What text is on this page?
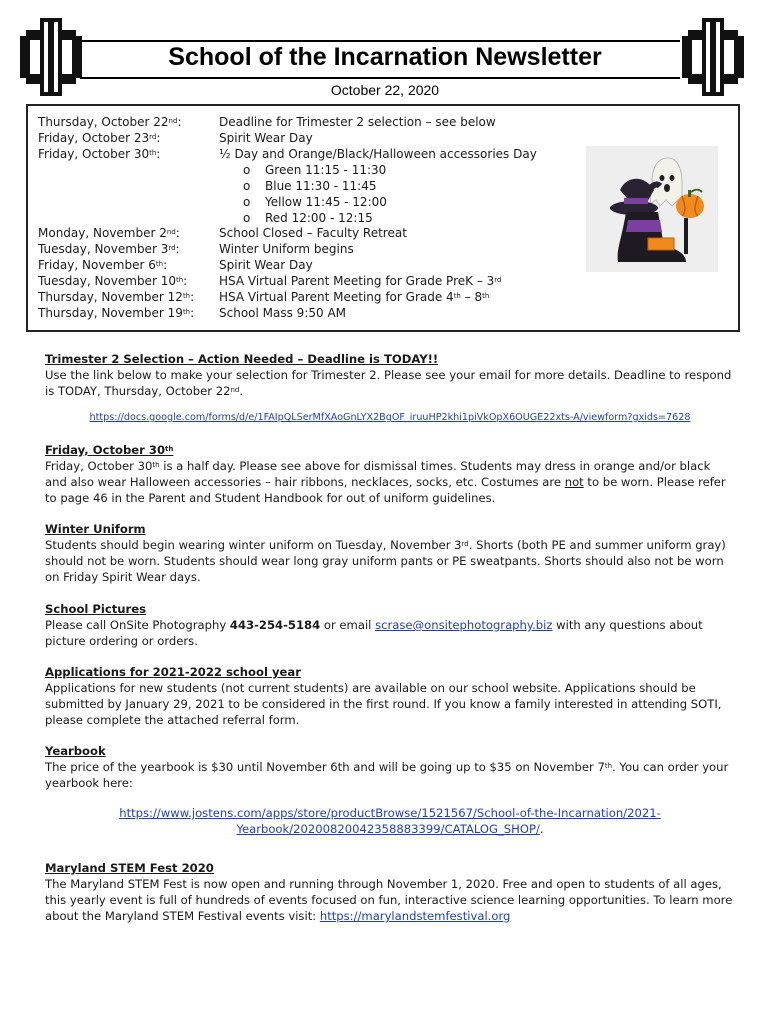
School of the Incarnation Newsletter
October 22, 2020
Thursday, October 22nd:	Deadline for Trimester 2 selection – see below
Friday, October 23rd:	Spirit Wear Day
Friday, October 30th:	½ Day and Orange/Black/Halloween accessories Day
o Green 11:15 - 11:30
o Blue 11:30 - 11:45
o Yellow 11:45 - 12:00
o Red 12:00 - 12:15
Monday, November 2nd:	School Closed – Faculty Retreat
Tuesday, November 3rd:	Winter Uniform begins
Friday, November 6th:	Spirit Wear Day
Tuesday, November 10th:	HSA Virtual Parent Meeting for Grade PreK – 3rd
Thursday, November 12th: HSA Virtual Parent Meeting for Grade 4th – 8th
Thursday, November 19th: School Mass 9:50 AM
Trimester 2 Selection – Action Needed – Deadline is TODAY!!
Use the link below to make your selection for Trimester 2. Please see your email for more details. Deadline to respond is TODAY, Thursday, October 22nd.
https://docs.google.com/forms/d/e/1FAIpQLSerMfXAoGnLYX2BgOF_iruuHP2khi1piVkOpX6OUGE22xts-A/viewform?gxids=7628
Friday, October 30th
Friday, October 30th is a half day. Please see above for dismissal times. Students may dress in orange and/or black and also wear Halloween accessories – hair ribbons, necklaces, socks, etc. Costumes are not to be worn. Please refer to page 46 in the Parent and Student Handbook for out of uniform guidelines.
Winter Uniform
Students should begin wearing winter uniform on Tuesday, November 3rd. Shorts (both PE and summer uniform gray) should not be worn. Students should wear long gray uniform pants or PE sweatpants. Shorts should also not be worn on Friday Spirit Wear days.
School Pictures
Please call OnSite Photography 443-254-5184 or email scrase@onsitephotography.biz with any questions about picture ordering or orders.
Applications for 2021-2022 school year
Applications for new students (not current students) are available on our school website. Applications should be submitted by January 29, 2021 to be considered in the first round. If you know a family interested in attending SOTI, please complete the attached referral form.
Yearbook
The price of the yearbook is $30 until November 6th and will be going up to $35 on November 7th. You can order your yearbook here:
https://www.jostens.com/apps/store/productBrowse/1521567/School-of-the-Incarnation/2021-
Yearbook/20200820042358883399/CATALOG_SHOP/.
Maryland STEM Fest 2020
The Maryland STEM Fest is now open and running through November 1, 2020. Free and open to students of all ages, this yearly event is full of hundreds of events focused on fun, interactive science learning opportunities. To learn more about the Maryland STEM Festival events visit: https://marylandstemfestival.org
